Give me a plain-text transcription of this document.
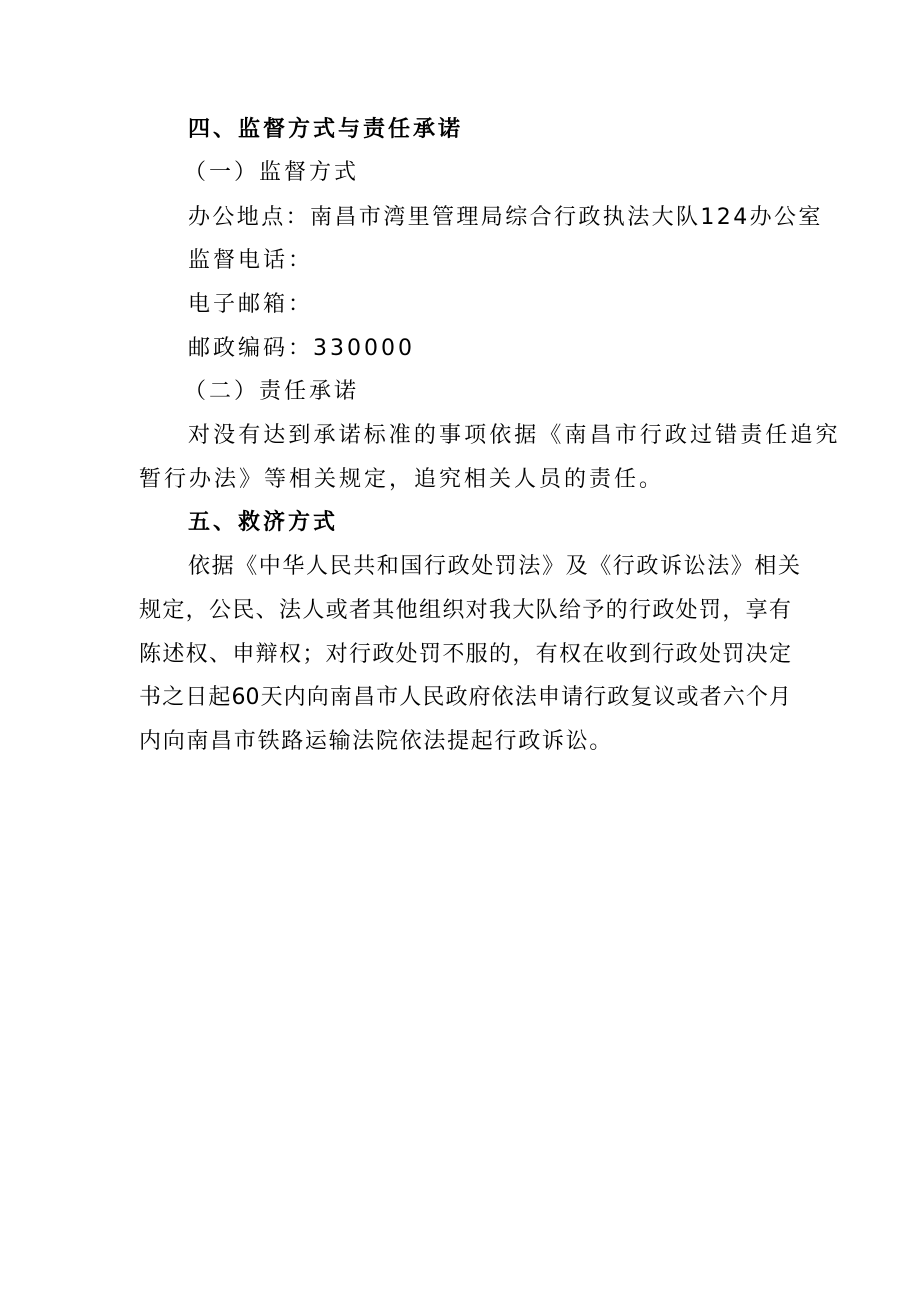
四、监督方式与责任承诺
（一）监督方式
办公地点：南昌市湾里管理局综合行政执法大队124办公室
监督电话：
电子邮箱：
邮政编码：330000
（二）责任承诺
对没有达到承诺标准的事项依据《南昌市行政过错责任追究
暂行办法》等相关规定，追究相关人员的责任。
五、救济方式
依据《中华人民共和国行政处罚法》及《行政诉讼法》相关
规定，公民、法人或者其他组织对我大队给予的行政处罚，享有
陈述权、申辩权；对行政处罚不服的，有权在收到行政处罚决定
书之日起60天内向南昌市人民政府依法申请行政复议或者六个月
内向南昌市铁路运输法院依法提起行政诉讼。
